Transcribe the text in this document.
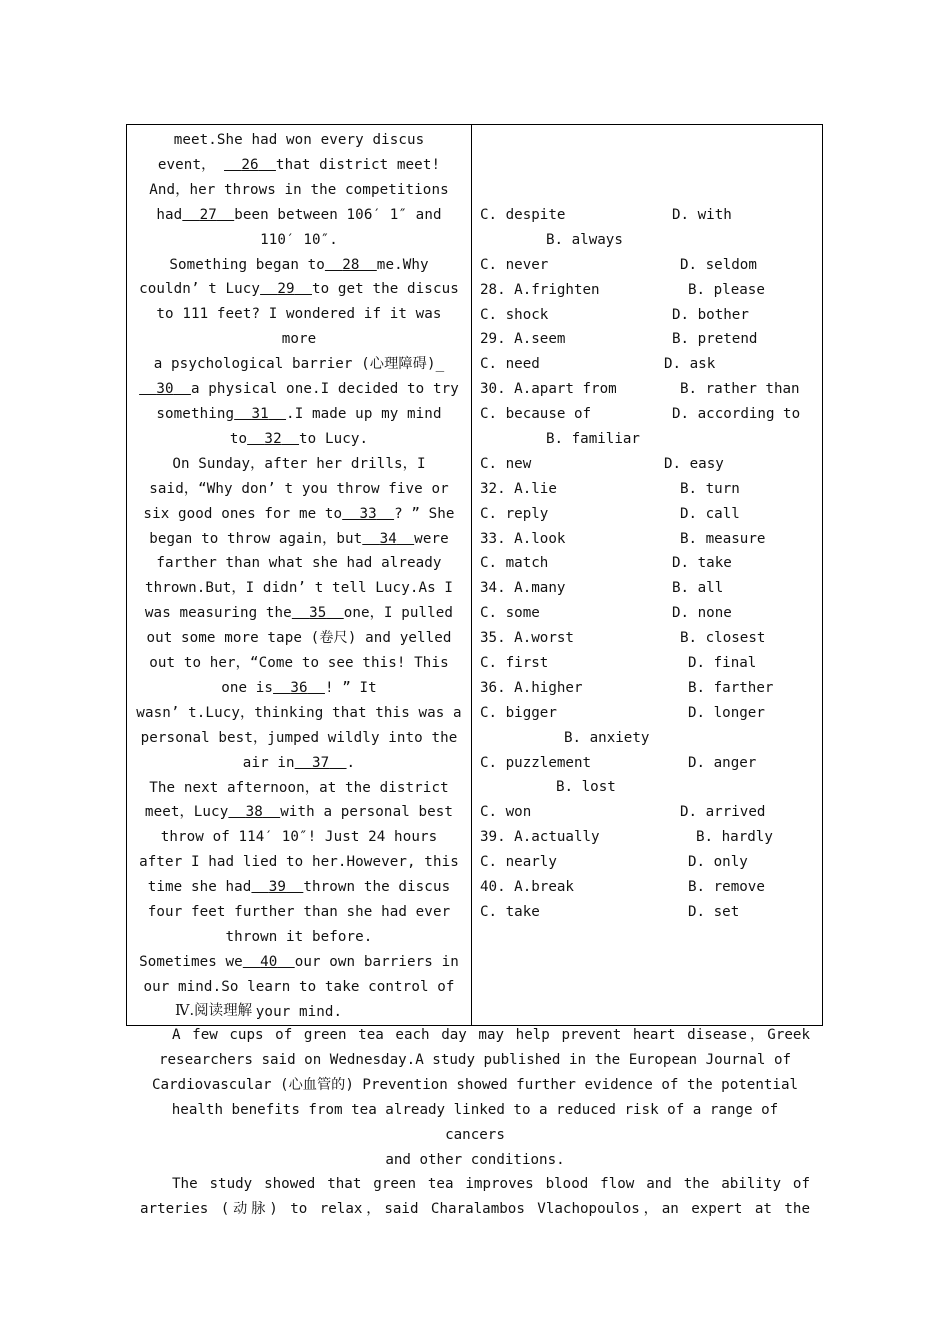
meet.She had won every discus

event， 26 that district meet!

And，her throws in the competitions

had 27 been between 106′ 1″ and

110′ 10″.

Something began to 28 me.Why

couldn’ t Lucy 29 to get the discus

to 111 feet? I wondered if it was more

a psychological barrier (心理障碍)_

30 a physical one.I decided to try

something 31 .I made up my mind

to 32 to Lucy.

On Sunday，after her drills，I

said，“Why don’ t you throw five or

six good ones for me to 33 ? ” She

began to throw again，but 34 were

farther than what she had already

thrown.But，I didn’ t tell Lucy.As I

was measuring the 35 one，I pulled

out some more tape (卷尺) and yelled

out to her，“Come to see this! This

one is 36 ! ” It

wasn’ t.Lucy，thinking that this was a

personal best，jumped wildly into the

air in 37 .

The next afternoon，at the district

meet，Lucy 38 with a personal best

throw of 114′ 10″! Just 24 hours

after I had lied to her.However, this

time she had 39 thrown the discus

four feet further than she had ever

thrown it before.

Sometimes we 40 our own barriers in

our mind.So learn to take control of

your mind.

C. despite	D. with
B. always
C. never	D. seldom
28. A.frighten	B. please
C. shock	D. bother
29. A.seem	B. pretend
C. need	D. ask
30. A.apart from	B. rather than
C. because of	D. according to
B. familiar
C. new	D. easy
32. A.lie	B. turn
C. reply	D. call
33. A.look	B. measure
C. match	D. take
34. A.many	B. all
C. some	D. none
35. A.worst	B. closest
C. first	D. final
36. A.higher	B. farther
C. bigger	D. longer
B. anxiety
C. puzzlement	D. anger
B. lost
C. won	D. arrived
39. A.actually	B. hardly
C. nearly	D. only
40. A.break	B. remove
C. take	D. set
Ⅳ.阅读理解

A few cups of green tea each day may help prevent heart disease，Greek

researchers said on Wednesday.A study published in the European Journal of

Cardiovascular (心血管的) Prevention showed further evidence of the potential

health benefits from tea already linked to a reduced risk of a range of cancers

and other conditions.

The study showed that green tea improves blood flow and the ability of

arteries (动脉) to relax，said Charalambos Vlachopoulos，an expert at the
